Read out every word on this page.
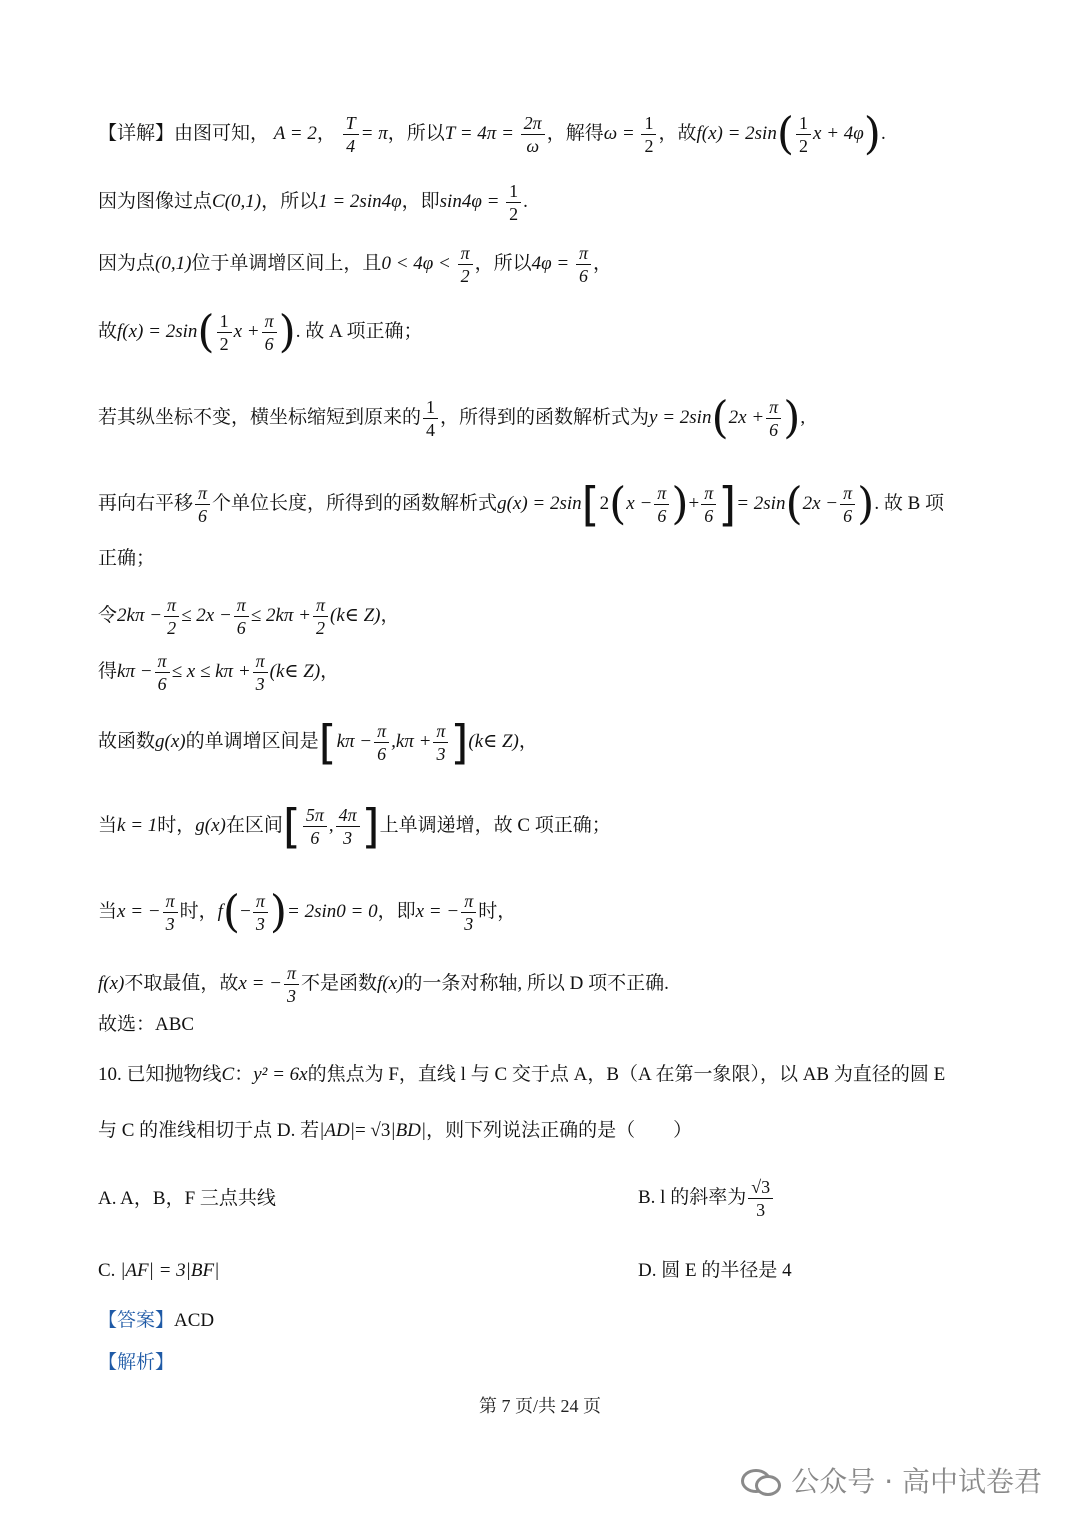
【详解】由图可知， A = 2， $\frac{T}{4} = \pi$，所以$T = 4\pi = \frac{2\pi}{\omega}$ ，解得$\omega = \frac{1}{2}$ ，故$f(x) = 2\sin( \frac{1}{2}$ x + 4φ).
因为图像过点C(0,1)，所以1 = 2sin4φ，即$\sin 4\varphi = \frac{1}{2}$ .
因为点(0,1)位于单调增区间上，且$0 < 4\varphi < \frac{\pi}{2}$ ，所以$4\varphi = \frac{\pi}{6}$ ，
故$f(x) = 2\sin( \frac{1}{2}$ $x + \frac{\pi}{6}$ ). 故 A 项正确；
若其纵坐标不变，横坐标缩短到原来的 $\frac{1}{4}$ ，所得到的函数解析式为$y = 2\sin(2x + \frac{\pi}{6}$ ),
再向右平移 $\frac{\pi}{6}$ 个单位长度，所得到的函数解析式$g(x) = 2\sin[2(x - \frac{\pi}{6}$ )+ $\frac{\pi}{6}$ ]= $2\sin(2x - \frac{\pi}{6}$ ). 故 B 项
正确；
令$2k\pi - \frac{\pi}{2} \le 2x - \frac{\pi}{6} \le 2k\pi + \frac{\pi}{2}$ (k∈ Z)，
得$k\pi - \frac{\pi}{6} \le x \le k\pi + \frac{\pi}{3}$ (k∈ Z)，
故函数g(x)的单调增区间是[$k\pi - \frac{\pi}{6} ,k\pi + \frac{\pi}{3}$ ](k∈ Z)，
当k = 1时，g(x)在区间[ $\frac{5\pi}{6}$ , $\frac{4\pi}{3}$ ]上单调递增，故 C 项正确；
当x = − $\frac{\pi}{3}$ 时，$f(- \frac{\pi}{3}$ )= 2sin0 = 0，即x = − $\frac{\pi}{3}$ 时，
f(x)不取最值，故x = − $\frac{\pi}{3}$ 不是函数f(x)的一条对称轴, 所以 D 项不正确.
故选：ABC
10. 已知抛物线C：y² = 6x的焦点为 F，直线 l 与 C 交于点 A，B（A 在第一象限），以 AB 为直径的圆 E
与 C 的准线相切于点 D. 若|AD|= √3|BD|，则下列说法正确的是（　　）
A. A，B，F 三点共线	B. l 的斜率为 $\frac{√3}{3}$
C. |AF| = 3|BF|	D. 圆 E 的半径是 4
【答案】ACD
【解析】
第 7 页/共 24 页
公众号 · 高中试卷君
